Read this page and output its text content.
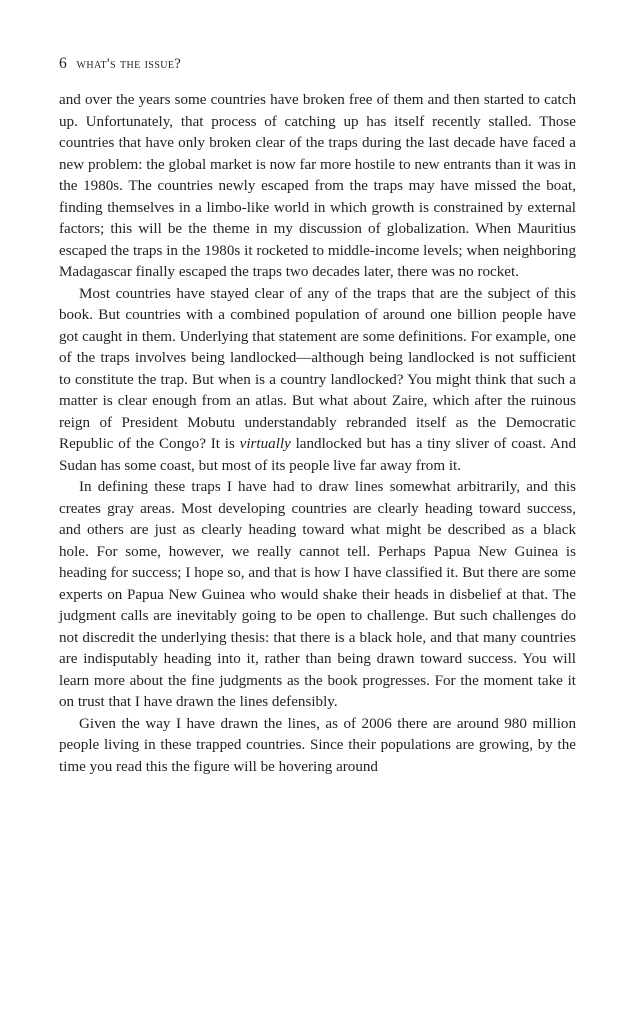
6 what's the issue?

and over the years some countries have broken free of them and then started to catch up. Unfortunately, that process of catching up has itself recently stalled. Those countries that have only broken clear of the traps during the last decade have faced a new problem: the global market is now far more hostile to new entrants than it was in the 1980s. The countries newly escaped from the traps may have missed the boat, finding themselves in a limbo-like world in which growth is constrained by external factors; this will be the theme in my discussion of globalization. When Mauritius escaped the traps in the 1980s it rocketed to middle-income levels; when neighboring Madagascar finally escaped the traps two decades later, there was no rocket.

Most countries have stayed clear of any of the traps that are the subject of this book. But countries with a combined population of around one billion people have got caught in them. Underlying that statement are some definitions. For example, one of the traps involves being landlocked—although being landlocked is not sufficient to constitute the trap. But when is a country landlocked? You might think that such a matter is clear enough from an atlas. But what about Zaire, which after the ruinous reign of President Mobutu understandably rebranded itself as the Democratic Republic of the Congo? It is virtually landlocked but has a tiny sliver of coast. And Sudan has some coast, but most of its people live far away from it.

In defining these traps I have had to draw lines somewhat arbitrarily, and this creates gray areas. Most developing countries are clearly heading toward success, and others are just as clearly heading toward what might be described as a black hole. For some, however, we really cannot tell. Perhaps Papua New Guinea is heading for success; I hope so, and that is how I have classified it. But there are some experts on Papua New Guinea who would shake their heads in disbelief at that. The judgment calls are inevitably going to be open to challenge. But such challenges do not discredit the underlying thesis: that there is a black hole, and that many countries are indisputably heading into it, rather than being drawn toward success. You will learn more about the fine judgments as the book progresses. For the moment take it on trust that I have drawn the lines defensibly.

Given the way I have drawn the lines, as of 2006 there are around 980 million people living in these trapped countries. Since their populations are growing, by the time you read this the figure will be hovering around
